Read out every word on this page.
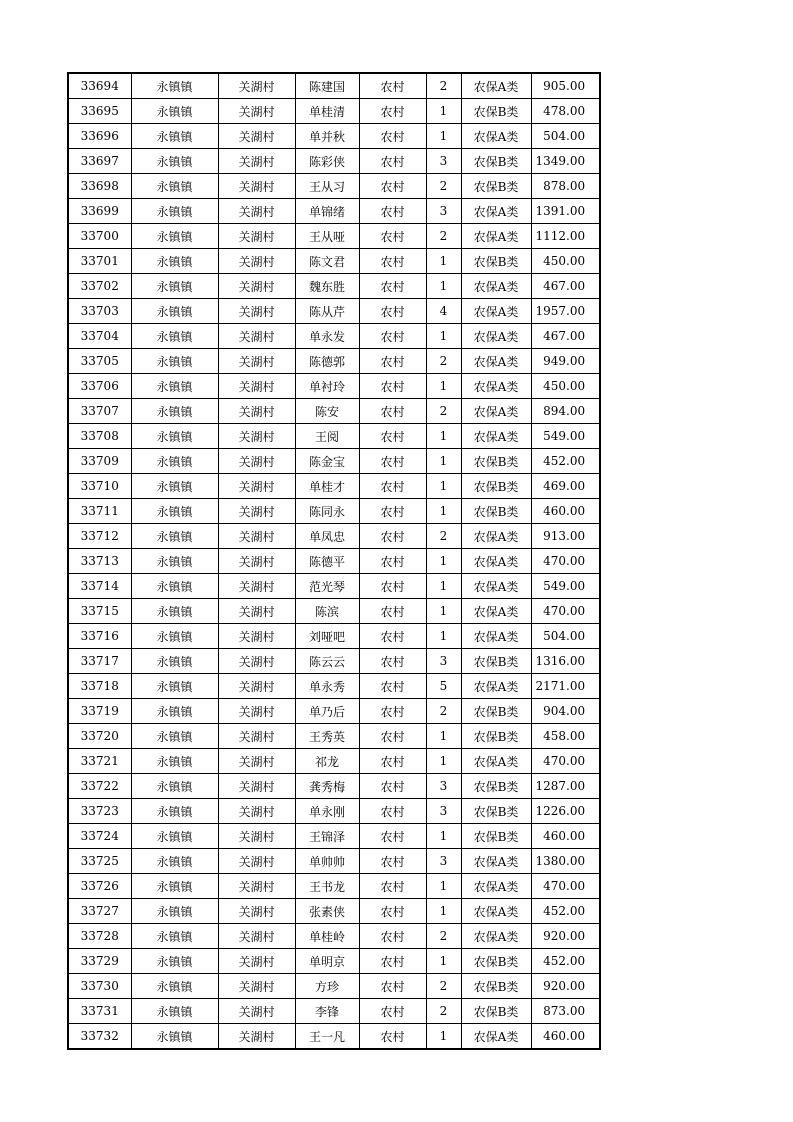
33694	永镇镇	关湖村	陈建国	农村	2	农保A类	905.00
33695	永镇镇	关湖村	单桂清	农村	1	农保B类	478.00
33696	永镇镇	关湖村	单并秋	农村	1	农保A类	504.00
33697	永镇镇	关湖村	陈彩侠	农村	3	农保B类	1349.00
33698	永镇镇	关湖村	王从习	农村	2	农保B类	878.00
33699	永镇镇	关湖村	单锦绪	农村	3	农保A类	1391.00
33700	永镇镇	关湖村	王从哑	农村	2	农保A类	1112.00
33701	永镇镇	关湖村	陈文君	农村	1	农保B类	450.00
33702	永镇镇	关湖村	魏东胜	农村	1	农保A类	467.00
33703	永镇镇	关湖村	陈从芹	农村	4	农保A类	1957.00
33704	永镇镇	关湖村	单永发	农村	1	农保A类	467.00
33705	永镇镇	关湖村	陈德郭	农村	2	农保A类	949.00
33706	永镇镇	关湖村	单衬玲	农村	1	农保A类	450.00
33707	永镇镇	关湖村	陈安	农村	2	农保A类	894.00
33708	永镇镇	关湖村	王阅	农村	1	农保A类	549.00
33709	永镇镇	关湖村	陈金宝	农村	1	农保B类	452.00
33710	永镇镇	关湖村	单桂才	农村	1	农保B类	469.00
33711	永镇镇	关湖村	陈同永	农村	1	农保B类	460.00
33712	永镇镇	关湖村	单凤忠	农村	2	农保A类	913.00
33713	永镇镇	关湖村	陈德平	农村	1	农保A类	470.00
33714	永镇镇	关湖村	范光琴	农村	1	农保A类	549.00
33715	永镇镇	关湖村	陈滨	农村	1	农保A类	470.00
33716	永镇镇	关湖村	刘哑吧	农村	1	农保A类	504.00
33717	永镇镇	关湖村	陈云云	农村	3	农保B类	1316.00
33718	永镇镇	关湖村	单永秀	农村	5	农保A类	2171.00
33719	永镇镇	关湖村	单乃后	农村	2	农保B类	904.00
33720	永镇镇	关湖村	王秀英	农村	1	农保B类	458.00
33721	永镇镇	关湖村	祁龙	农村	1	农保A类	470.00
33722	永镇镇	关湖村	龚秀梅	农村	3	农保B类	1287.00
33723	永镇镇	关湖村	单永刚	农村	3	农保B类	1226.00
33724	永镇镇	关湖村	王锦泽	农村	1	农保B类	460.00
33725	永镇镇	关湖村	单帅帅	农村	3	农保A类	1380.00
33726	永镇镇	关湖村	王书龙	农村	1	农保A类	470.00
33727	永镇镇	关湖村	张素侠	农村	1	农保A类	452.00
33728	永镇镇	关湖村	单桂岭	农村	2	农保A类	920.00
33729	永镇镇	关湖村	单明京	农村	1	农保B类	452.00
33730	永镇镇	关湖村	方珍	农村	2	农保B类	920.00
33731	永镇镇	关湖村	李锋	农村	2	农保B类	873.00
33732	永镇镇	关湖村	王一凡	农村	1	农保A类	460.00
